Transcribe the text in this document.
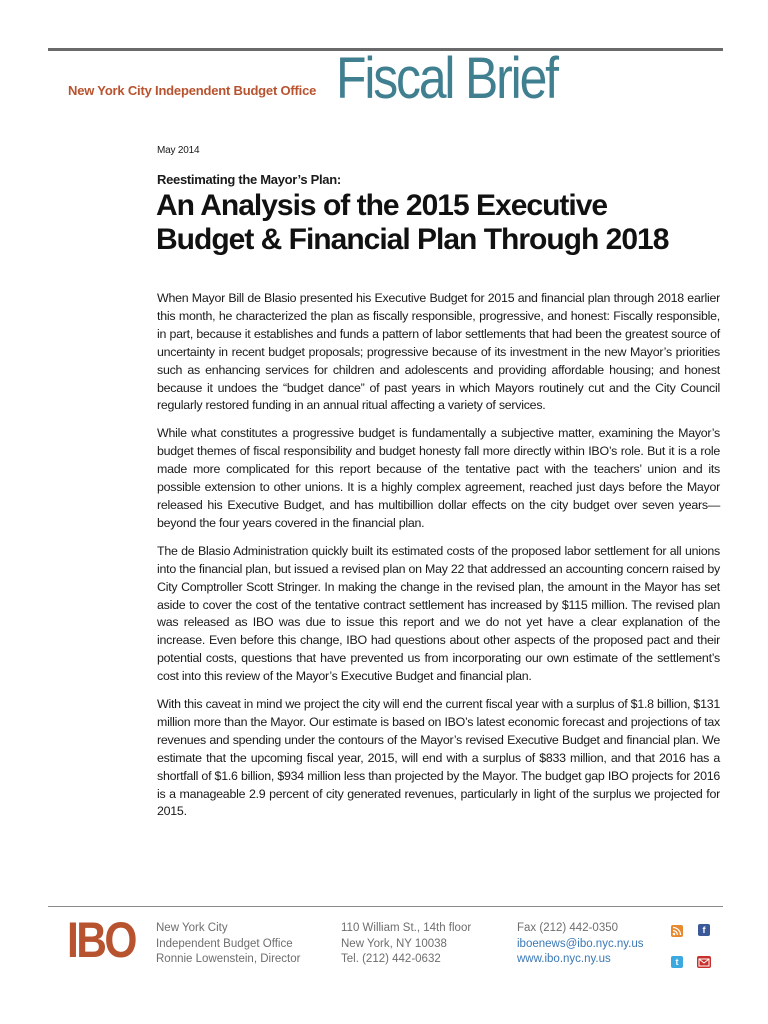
New York City Independent Budget Office Fiscal Brief
May 2014
Reestimating the Mayor’s Plan:
An Analysis of the 2015 Executive
Budget & Financial Plan Through 2018

When Mayor Bill de Blasio presented his Executive Budget for 2015 and financial plan through 2018 earlier this month, he characterized the plan as fiscally responsible, progressive, and honest: Fiscally responsible, in part, because it establishes and funds a pattern of labor settlements that had been the greatest source of uncertainty in recent budget proposals; progressive because of its investment in the new Mayor’s priorities such as enhancing services for children and adolescents and providing affordable housing; and honest because it undoes the “budget dance” of past years in which Mayors routinely cut and the City Council regularly restored funding in an annual ritual affecting a variety of services.

While what constitutes a progressive budget is fundamentally a subjective matter, examining the Mayor’s budget themes of fiscal responsibility and budget honesty fall more directly within IBO’s role. But it is a role made more complicated for this report because of the tentative pact with the teachers’ union and its possible extension to other unions. It is a highly complex agreement, reached just days before the Mayor released his Executive Budget, and has multibillion dollar effects on the city budget over seven years—beyond the four years covered in the financial plan.

The de Blasio Administration quickly built its estimated costs of the proposed labor settlement for all unions into the financial plan, but issued a revised plan on May 22 that addressed an accounting concern raised by City Comptroller Scott Stringer. In making the change in the revised plan, the amount in the Mayor has set aside to cover the cost of the tentative contract settlement has increased by $115 million. The revised plan was released as IBO was due to issue this report and we do not yet have a clear explanation of the increase. Even before this change, IBO had questions about other aspects of the proposed pact and their potential costs, questions that have prevented us from incorporating our own estimate of the settlement’s cost into this review of the Mayor’s Executive Budget and financial plan.

With this caveat in mind we project the city will end the current fiscal year with a surplus of $1.8 billion, $131 million more than the Mayor. Our estimate is based on IBO’s latest economic forecast and projections of tax revenues and spending under the contours of the Mayor’s revised Executive Budget and financial plan. We estimate that the upcoming fiscal year, 2015, will end with a surplus of $833 million, and that 2016 has a shortfall of $1.6 billion, $934 million less than projected by the Mayor. The budget gap IBO projects for 2016 is a manageable 2.9 percent of city generated revenues, particularly in light of the surplus we projected for 2015.

IBO New York City
Independent Budget Office
Ronnie Lowenstein, Director
110 William St., 14th floor
New York, NY 10038
Tel. (212) 442-0632
Fax (212) 442-0350
iboenews@ibo.nyc.ny.us
www.ibo.nyc.ny.us
f
t
